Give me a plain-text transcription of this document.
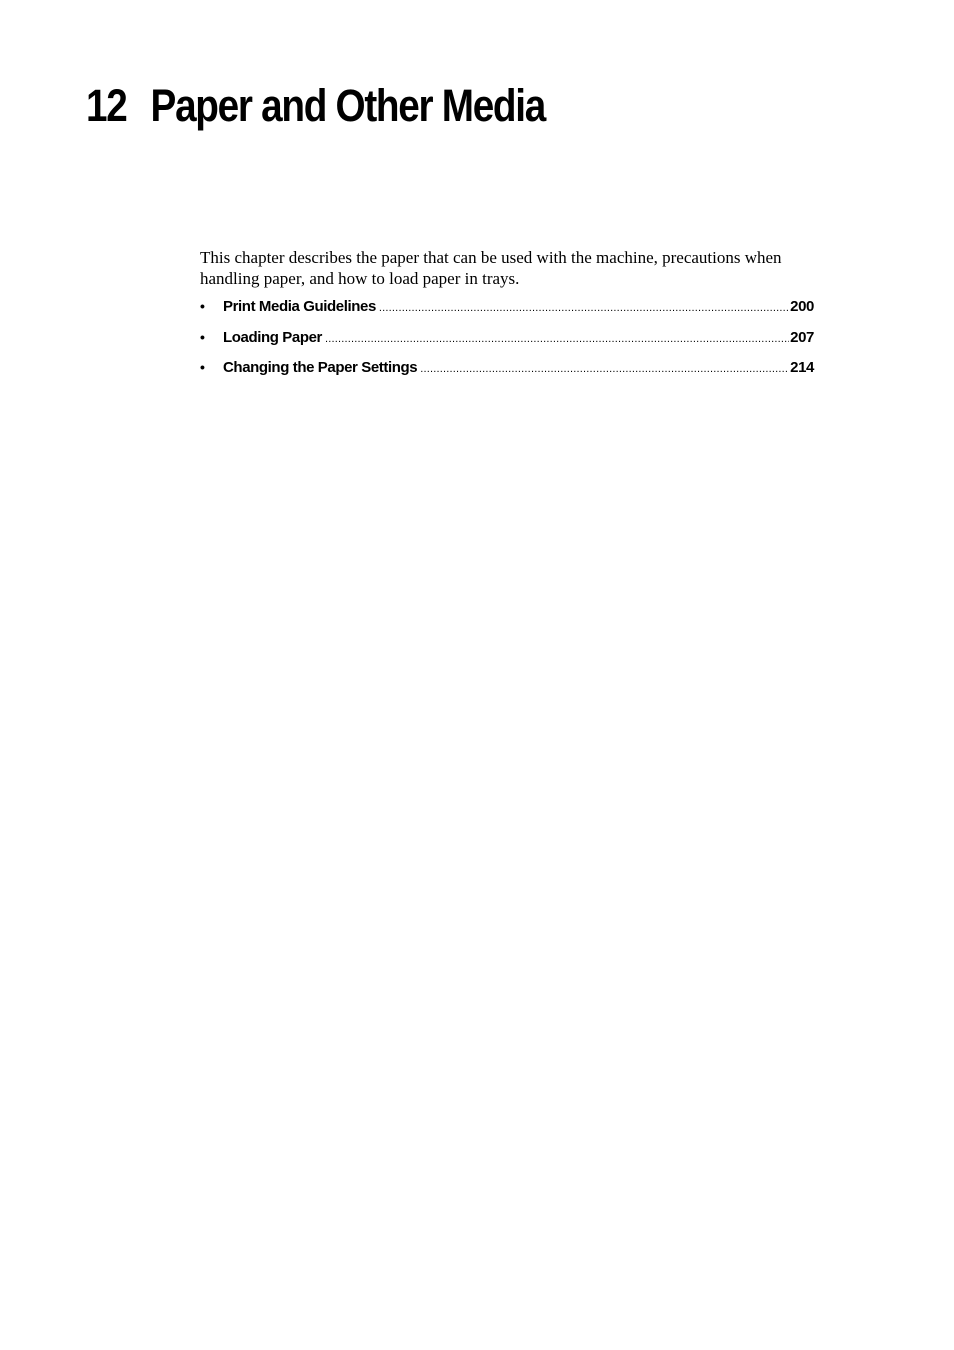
12 Paper and Other Media

This chapter describes the paper that can be used with the machine, precautions when handling paper, and how to load paper in trays.

•	Print Media Guidelines .....	200
•	Loading Paper .....	207
•	Changing the Paper Settings .....	214
